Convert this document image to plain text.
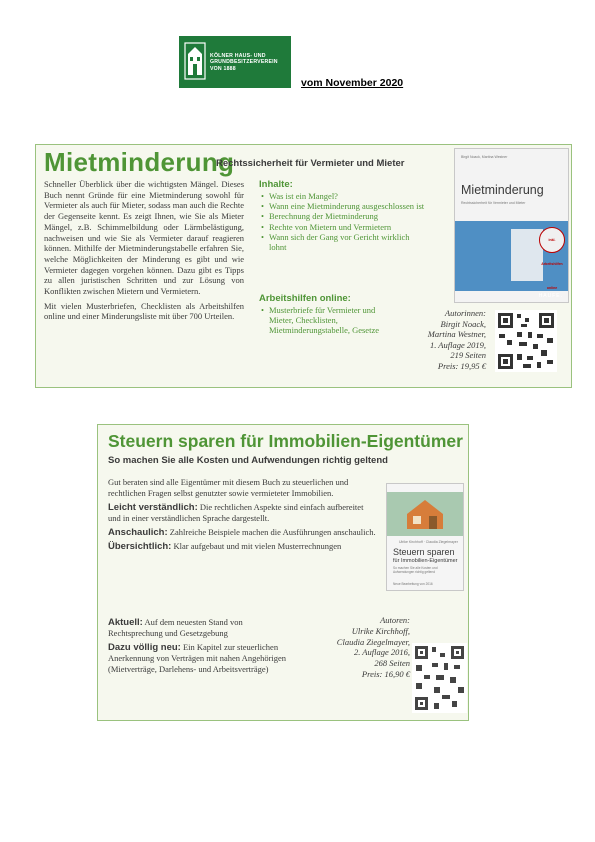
KÖLNER HAUS- UND
GRUNDBESITZERVEREIN
VON 1888
vom November 2020
Mietminderung
Rechtssicherheit für Vermieter und Mieter

Schneller Überblick über die wichtigsten Mängel. Dieses Buch nennt Gründe für eine Mietminderung sowohl für Vermieter als auch für Mieter, sodass man auch die Rechte der Gegenseite kennt. Es zeigt Ihnen, wie Sie als Mieter Mängel, z.B. Schimmelbildung oder Lärmbelästigung, nachweisen und wie Sie als Vermieter darauf reagieren können. Mithilfe der Mietminderungstabelle erfahren Sie, welche Möglichkeiten der Minderung es gibt und wie Vermieter dagegen vorgehen können. Dazu gibt es Tipps zu allen juristischen Schritten und zur Lösung von Konflikten zwischen Mietern und Vermietern.

Mit vielen Musterbriefen, Checklisten als Arbeitshilfen online und einer Minderungsliste mit über 700 Urteilen.

Inhalte:
• Was ist ein Mangel?
• Wann eine Mietminderung ausgeschlossen ist
• Berechnung der Mietminderung
• Rechte von Mietern und Vermietern
• Wann sich der Gang vor Gericht wirklich lohnt
Arbeitshilfen online:
• Musterbriefe für Vermieter und Mieter, Checklisten, Mietminderungstabelle, Gesetze
Autorinnen:
Birgit Noack,
Martina Westner,
1. Auflage 2019,
219 Seiten
Preis: 19,95 €
Birgit Noack, Martina Westner
Mietminderung
Rechtssicherheit für Vermieter und Mieter
inkl. Arbeitshilfen online
HAUFE.
Steuern sparen für Immobilien-Eigentümer
So machen Sie alle Kosten und Aufwendungen richtig geltend

Gut beraten sind alle Eigentümer mit diesem Buch zu steuerlichen und rechtlichen Fragen selbst genutzter sowie vermieteter Immobilien.

Leicht verständlich: Die rechtlichen Aspekte sind einfach aufbereitet und in einer verständlichen Sprache dargestellt.

Anschaulich: Zahlreiche Beispiele machen die Ausführungen anschaulich.

Übersichtlich: Klar aufgebaut und mit vielen Musterrechnungen

Aktuell: Auf dem neuesten Stand von Rechtsprechung und Gesetzgebung

Dazu völlig neu: Ein Kapitel zur steuerlichen Anerkennung von Verträgen mit nahen Angehörigen (Mietverträge, Darlehens- und Arbeitsverträge)

Autoren:
Ulrike Kirchhoff,
Claudia Ziegelmayer,
2. Auflage 2016,
268 Seiten
Preis: 16,90 €
Ulrike Kirchhoff · Claudia Ziegelmayer
Steuern sparen
für Immobilien-Eigentümer
So machen Sie alle Kosten und Aufwendungen richtig geltend
Neue Bearbeitung von 2016
